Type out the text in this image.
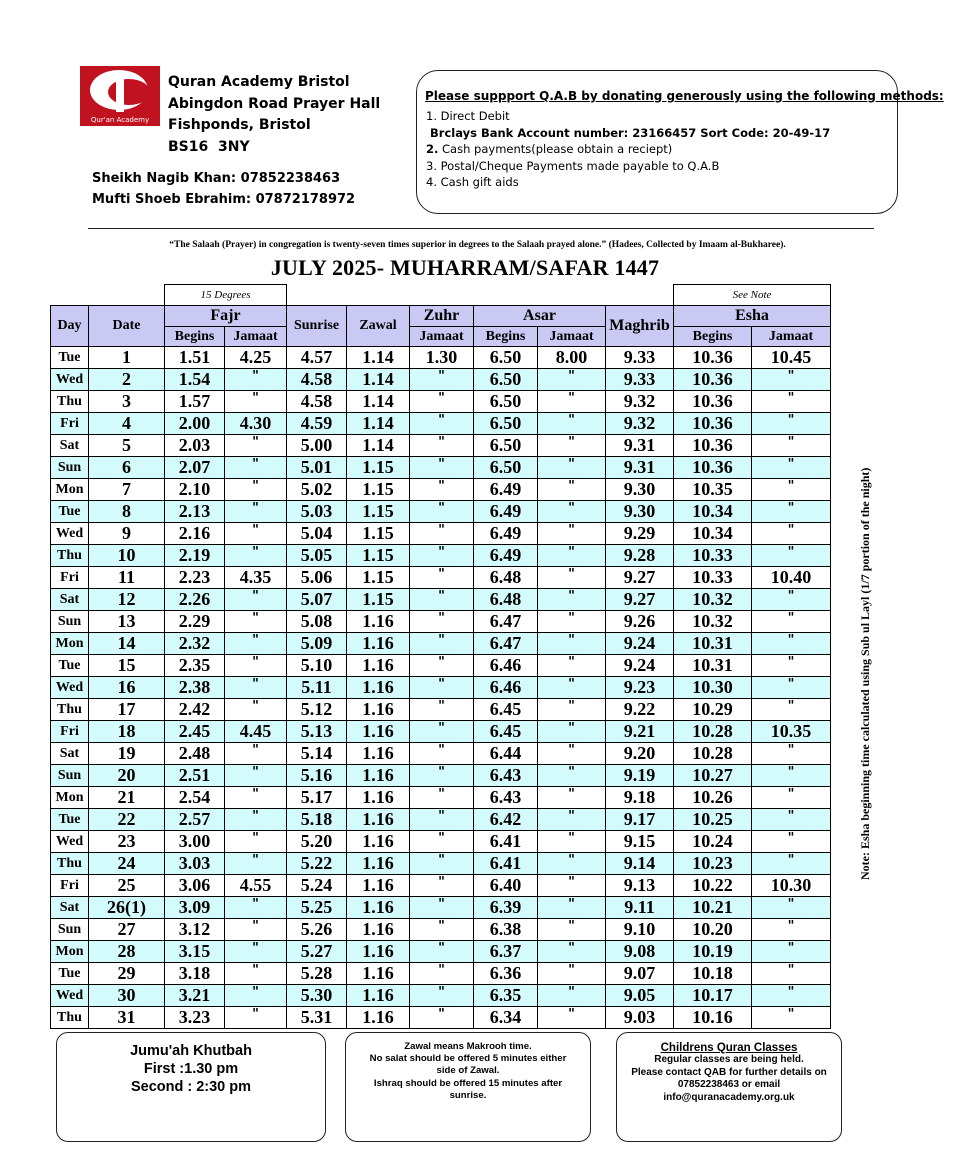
Qur'an Academy
Quran Academy Bristol
Abingdon Road Prayer Hall
Fishponds, Bristol
BS16  3NY
Sheikh Nagib Khan: 07852238463
Mufti Shoeb Ebrahim: 07872178972
Please suppport Q.A.B by donating generously using the following methods:
1. Direct Debit
Brclays Bank Account number: 23166457 Sort Code: 20-49-17
2. Cash payments(please obtain a reciept)
3. Postal/Cheque Payments made payable to Q.A.B
4. Cash gift aids
“The Salaah (Prayer) in congregation is twenty-seven times superior in degrees to the Salaah prayed alone.” (Hadees, Collected by Imaam al-Bukharee).
JULY 2025- MUHARRAM/SAFAR 1447
		15 Degrees								See Note	
Day	Date	Fajr		Sunrise	Zawal	Zuhr	Asar		Maghrib	Esha	
		Begins	Jamaat			Jamaat	Begins	Jamaat		Begins	Jamaat
Tue	1	1.51	4.25	4.57	1.14	1.30	6.50	8.00	9.33	10.36	10.45
Wed	2	1.54	"	4.58	1.14	"	6.50	"	9.33	10.36	"
Thu	3	1.57	"	4.58	1.14	"	6.50	"	9.32	10.36	"
Fri	4	2.00	4.30	4.59	1.14	"	6.50	"	9.32	10.36	"
Sat	5	2.03	"	5.00	1.14	"	6.50	"	9.31	10.36	"
Sun	6	2.07	"	5.01	1.15	"	6.50	"	9.31	10.36	"
Mon	7	2.10	"	5.02	1.15	"	6.49	"	9.30	10.35	"
Tue	8	2.13	"	5.03	1.15	"	6.49	"	9.30	10.34	"
Wed	9	2.16	"	5.04	1.15	"	6.49	"	9.29	10.34	"
Thu	10	2.19	"	5.05	1.15	"	6.49	"	9.28	10.33	"
Fri	11	2.23	4.35	5.06	1.15	"	6.48	"	9.27	10.33	10.40
Sat	12	2.26	"	5.07	1.15	"	6.48	"	9.27	10.32	"
Sun	13	2.29	"	5.08	1.16	"	6.47	"	9.26	10.32	"
Mon	14	2.32	"	5.09	1.16	"	6.47	"	9.24	10.31	"
Tue	15	2.35	"	5.10	1.16	"	6.46	"	9.24	10.31	"
Wed	16	2.38	"	5.11	1.16	"	6.46	"	9.23	10.30	"
Thu	17	2.42	"	5.12	1.16	"	6.45	"	9.22	10.29	"
Fri	18	2.45	4.45	5.13	1.16	"	6.45	"	9.21	10.28	10.35
Sat	19	2.48	"	5.14	1.16	"	6.44	"	9.20	10.28	"
Sun	20	2.51	"	5.16	1.16	"	6.43	"	9.19	10.27	"
Mon	21	2.54	"	5.17	1.16	"	6.43	"	9.18	10.26	"
Tue	22	2.57	"	5.18	1.16	"	6.42	"	9.17	10.25	"
Wed	23	3.00	"	5.20	1.16	"	6.41	"	9.15	10.24	"
Thu	24	3.03	"	5.22	1.16	"	6.41	"	9.14	10.23	"
Fri	25	3.06	4.55	5.24	1.16	"	6.40	"	9.13	10.22	10.30
Sat	26(1)	3.09	"	5.25	1.16	"	6.39	"	9.11	10.21	"
Sun	27	3.12	"	5.26	1.16	"	6.38	"	9.10	10.20	"
Mon	28	3.15	"	5.27	1.16	"	6.37	"	9.08	10.19	"
Tue	29	3.18	"	5.28	1.16	"	6.36	"	9.07	10.18	"
Wed	30	3.21	"	5.30	1.16	"	6.35	"	9.05	10.17	"
Thu	31	3.23	"	5.31	1.16	"	6.34	"	9.03	10.16	"
Note: Esha beginning time calculated using Sub ul Layl (1/7 portion of the night)
Jumu'ah Khutbah
First :1.30 pm
Second : 2:30 pm
Zawal means Makrooh time.
No salat should be offered 5 minutes either
side of Zawal.
Ishraq should be offered 15 minutes after
sunrise.
Childrens Quran Classes
Regular classes are being held.
Please contact QAB for further details on
07852238463 or email
info@quranacademy.org.uk
